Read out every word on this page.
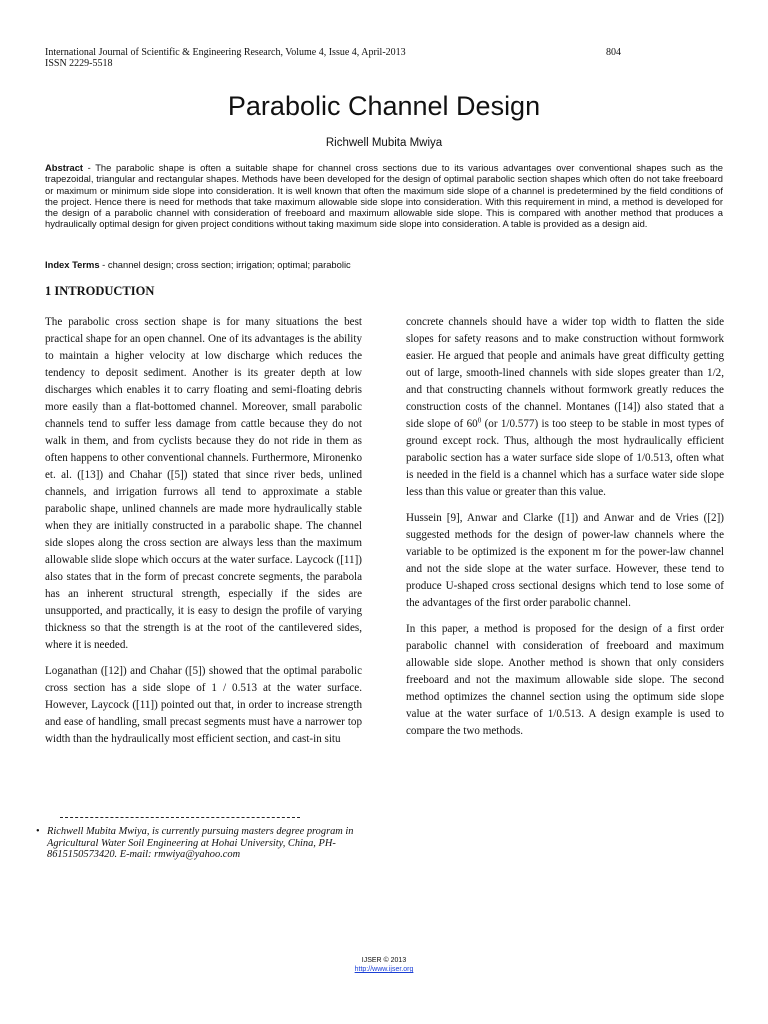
International Journal of Scientific & Engineering Research, Volume 4, Issue 4, April-2013
ISSN 2229-5518
804
Parabolic Channel Design
Richwell Mubita Mwiya
Abstract - The parabolic shape is often a suitable shape for channel cross sections due to its various advantages over conventional shapes such as the trapezoidal, triangular and rectangular shapes. Methods have been developed for the design of optimal parabolic section shapes which often do not take freeboard or maximum or minimum side slope into consideration. It is well known that often the maximum side slope of a channel is predetermined by the field conditions of the project. Hence there is need for methods that take maximum allowable side slope into consideration. With this requirement in mind, a method is developed for the design of a parabolic channel with consideration of freeboard and maximum allowable side slope. This is compared with another method that produces a hydraulically optimal design for given project conditions without taking maximum side slope into consideration. A table is provided as a design aid.
Index Terms - channel design; cross section; irrigation; optimal; parabolic
1 INTRODUCTION

The parabolic cross section shape is for many situations the best practical shape for an open channel. One of its advantages is the ability to maintain a higher velocity at low discharge which reduces the tendency to deposit sediment. Another is its greater depth at low discharges which enables it to carry floating and semi-floating debris more easily than a flat-bottomed channel. Moreover, small parabolic channels tend to suffer less damage from cattle because they do not walk in them, and from cyclists because they do not ride in them as often happens to other conventional channels. Furthermore, Mironenko et. al. ([13]) and Chahar ([5]) stated that since river beds, unlined channels, and irrigation furrows all tend to approximate a stable parabolic shape, unlined channels are made more hydraulically stable when they are initially constructed in a parabolic shape. The channel side slopes along the cross section are always less than the maximum allowable slide slope which occurs at the water surface. Laycock ([11]) also states that in the form of precast concrete segments, the parabola has an inherent structural strength, especially if the sides are unsupported, and practically, it is easy to design the profile of varying thickness so that the strength is at the root of the cantilevered sides, where it is needed.

Loganathan ([12]) and Chahar ([5]) showed that the optimal parabolic cross section has a side slope of 1 / 0.513 at the water surface. However, Laycock ([11]) pointed out that, in order to increase strength and ease of handling, small precast segments must have a narrower top width than the hydraulically most efficient section, and cast-in situ

concrete channels should have a wider top width to flatten the side slopes for safety reasons and to make construction without formwork easier. He argued that people and animals have great difficulty getting out of large, smooth-lined channels with side slopes greater than 1/2, and that constructing channels without formwork greatly reduces the construction costs of the channel. Montanes ([14]) also stated that a side slope of $60^0$ (or 1/0.577) is too steep to be stable in most types of ground except rock. Thus, although the most hydraulically efficient parabolic section has a water surface side slope of 1/0.513, often what is needed in the field is a channel which has a surface water side slope less than this value or greater than this value.

Hussein [9], Anwar and Clarke ([1]) and Anwar and de Vries ([2]) suggested methods for the design of power-law channels where the variable to be optimized is the exponent m for the power-law channel and not the side slope at the water surface. However, these tend to produce U-shaped cross sectional designs which tend to lose some of the advantages of the first order parabolic channel.

In this paper, a method is proposed for the design of a first order parabolic channel with consideration of freeboard and maximum allowable side slope. Another method is shown that only considers freeboard and not the maximum allowable side slope. The second method optimizes the channel section using the optimum side slope value at the water surface of 1/0.513. A design example is used to compare the two methods.

• Richwell Mubita Mwiya, is currently pursuing masters degree program in Agricultural Water Soil Engineering at Hohai University, China, PH-8615150573420. E-mail: rmwiya@yahoo.com
IJSER © 2013
http://www.ijser.org
